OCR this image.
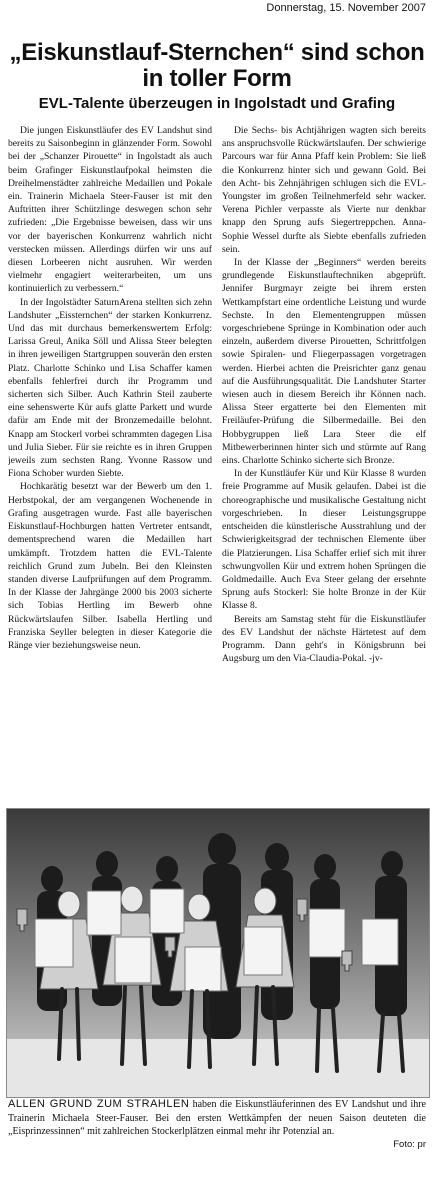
Donnerstag, 15. November 2007
„Eiskunstlauf-Sternchen“ sind schon in toller Form
EVL-Talente überzeugen in Ingolstadt und Grafing

Die jungen Eiskunstläufer des EV Landshut sind bereits zu Saisonbeginn in glänzender Form. Sowohl bei der „Schanzer Pirouette“ in Ingolstadt als auch beim Grafinger Eiskunstlaufpokal heimsten die Dreihelmenstädter zahlreiche Medaillen und Pokale ein. Trainerin Michaela Steer-Fauser ist mit den Auftritten ihrer Schützlinge deswegen schon sehr zufrieden: „Die Ergebnisse beweisen, dass wir uns vor der bayerischen Konkurrenz wahrlich nicht verstecken müssen. Allerdings dürfen wir uns auf diesen Lorbeeren nicht ausruhen. Wir werden vielmehr engagiert weiterarbeiten, um uns kontinuierlich zu verbessern.“

In der Ingolstädter SaturnArena stellten sich zehn Landshuter „Eissternchen“ der starken Konkurrenz. Und das mit durchaus bemerkenswertem Erfolg: Larissa Greul, Anika Söll und Alissa Steer belegten in ihren jeweiligen Startgruppen souverän den ersten Platz. Charlotte Schinko und Lisa Schaffer kamen ebenfalls fehlerfrei durch ihr Programm und sicherten sich Silber. Auch Kathrin Steil zauberte eine sehenswerte Kür aufs glatte Parkett und wurde dafür am Ende mit der Bronzemedaille belohnt. Knapp am Stockerl vorbei schrammten dagegen Lisa und Julia Sieber. Für sie reichte es in ihren Gruppen jeweils zum sechsten Rang. Yvonne Rassow und Fiona Schober wurden Siebte.

Hochkarätig besetzt war der Bewerb um den 1. Herbstpokal, der am vergangenen Wochenende in Grafing ausgetragen wurde. Fast alle bayerischen Eiskunstlauf-Hochburgen hatten Vertreter entsandt, dementsprechend waren die Medaillen hart umkämpft. Trotzdem hatten die EVL-Talente reichlich Grund zum Jubeln. Bei den Kleinsten standen diverse Laufprüfungen auf dem Programm. In der Klasse der Jahrgänge 2000 bis 2003 sicherte sich Tobias Hertling im Bewerb ohne Rückwärtslaufen Silber. Isabella Hertling und Franziska Seyller belegten in dieser Kategorie die Ränge vier beziehungsweise neun.

Die Sechs- bis Achtjährigen wagten sich bereits ans anspruchsvolle Rückwärtslaufen. Der schwierige Parcours war für Anna Pfaff kein Problem: Sie ließ die Konkurrenz hinter sich und gewann Gold. Bei den Acht- bis Zehnjährigen schlugen sich die EVL-Youngster im großen Teilnehmerfeld sehr wacker. Verena Pichler verpasste als Vierte nur denkbar knapp den Sprung aufs Siegertreppchen. Anna-Sophie Wessel durfte als Siebte ebenfalls zufrieden sein.

In der Klasse der „Beginners“ werden bereits grundlegende Eiskunstlauftechniken abgeprüft. Jennifer Burgmayr zeigte bei ihrem ersten Wettkampfstart eine ordentliche Leistung und wurde Sechste. In den Elementengruppen müssen vorgeschriebene Sprünge in Kombination oder auch einzeln, außerdem diverse Pirouetten, Schrittfolgen sowie Spiralen- und Fliegerpassagen vorgetragen werden. Hierbei achten die Preisrichter ganz genau auf die Ausführungsqualität. Die Landshuter Starter wiesen auch in diesem Bereich ihr Können nach. Alissa Steer ergatterte bei den Elementen mit Freiläufer-Prüfung die Silbermedaille. Bei den Hobbygruppen ließ Lara Steer die elf Mitbewerberinnen hinter sich und stürmte auf Rang eins. Charlotte Schinko sicherte sich Bronze.

In der Kunstläufer Kür und Kür Klasse 8 wurden freie Programme auf Musik gelaufen. Dabei ist die choreographische und musikalische Gestaltung nicht vorgeschrieben. In dieser Leistungsgruppe entscheiden die künstlerische Ausstrahlung und der Schwierigkeitsgrad der technischen Elemente über die Platzierungen. Lisa Schaffer erlief sich mit ihrer schwungvollen Kür und extrem hohen Sprüngen die Goldmedaille. Auch Eva Steer gelang der ersehnte Sprung aufs Stockerl: Sie holte Bronze in der Kür Klasse 8.

Bereits am Samstag steht für die Eiskunstläufer des EV Landshut der nächste Härtetest auf dem Programm. Dann geht's in Königsbrunn bei Augsburg um den Via-Claudia-Pokal. -jv-

ALLEN GRUND ZUM STRAHLEN haben die Eiskunstläuferinnen des EV Landshut und ihre Trainerin Michaela Steer-Fauser. Bei den ersten Wettkämpfen der neuen Saison deuteten die „Eisprinzessinnen“ mit zahlreichen Stockerlplätzen einmal mehr ihr Potenzial an.
Foto: pr
